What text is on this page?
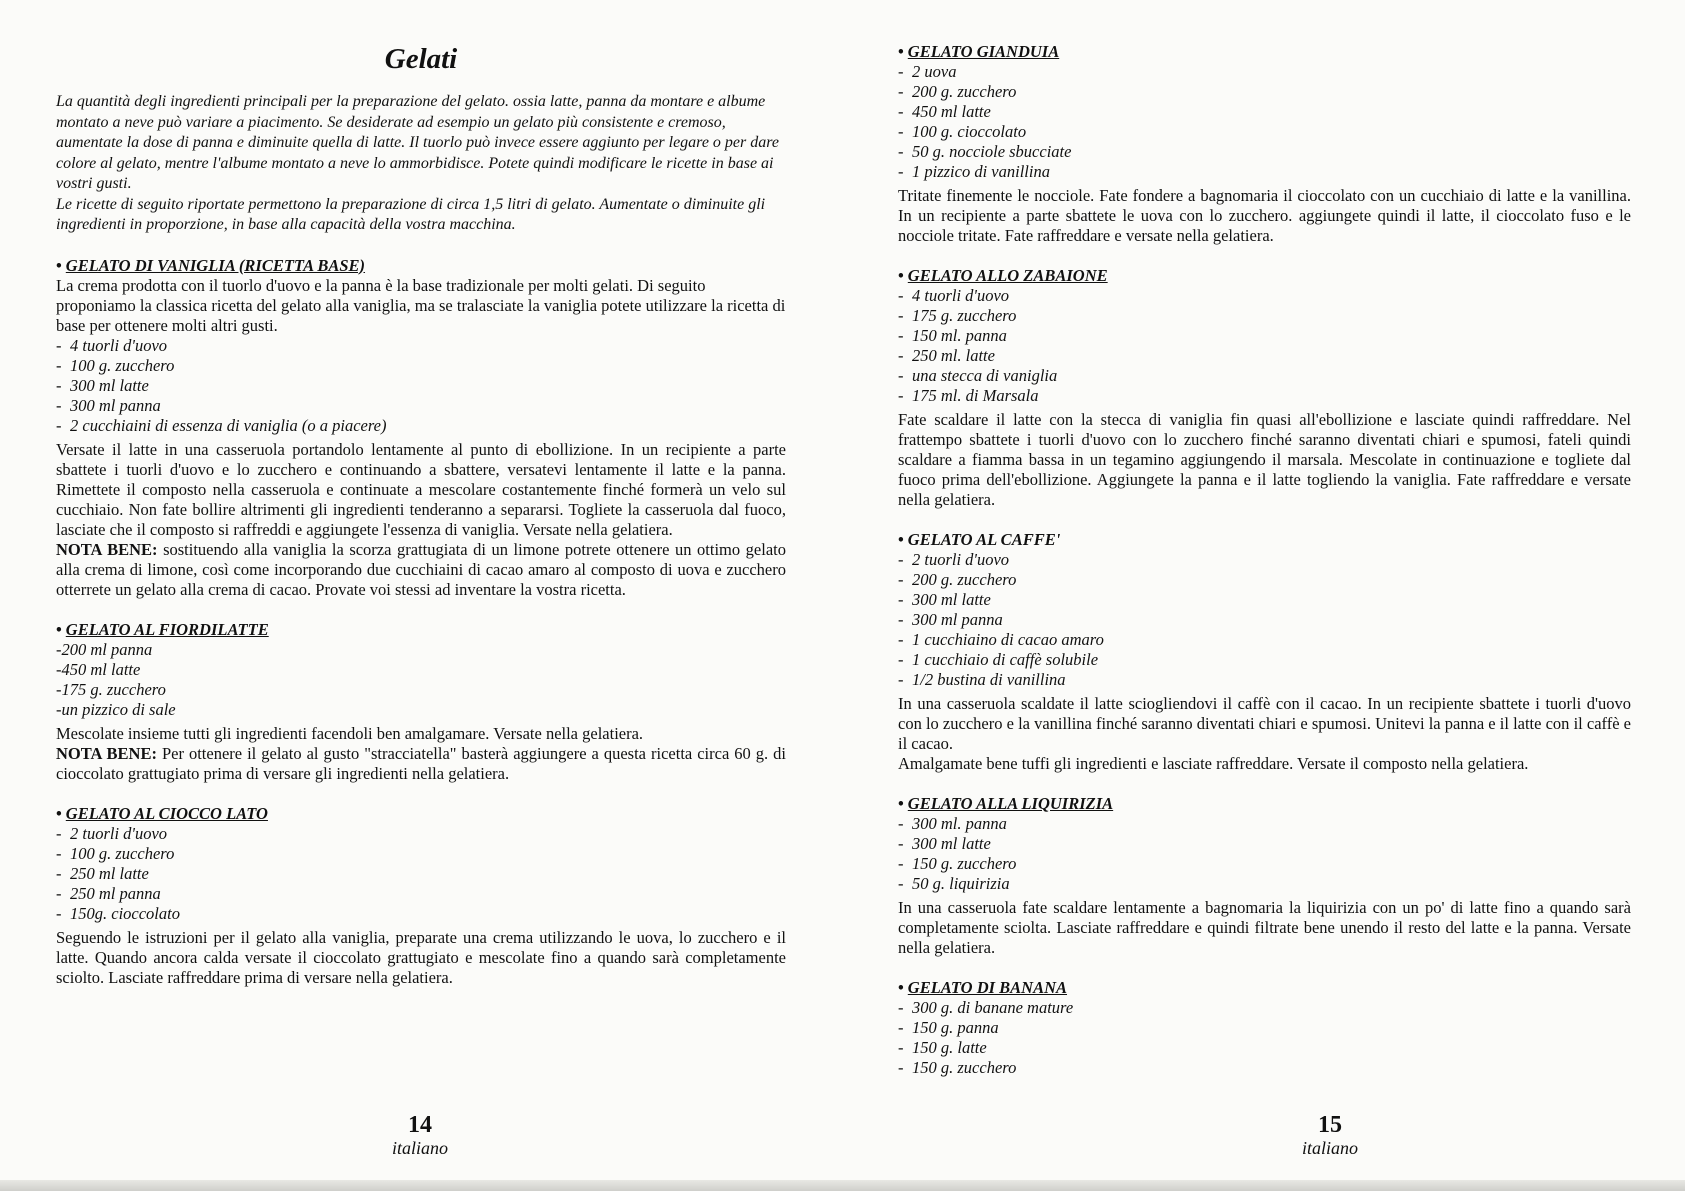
Gelati

La quantità degli ingredienti principali per la preparazione del gelato. ossia latte, panna da montare e albume montato a neve può variare a piacimento. Se desiderate ad esempio un gelato più consistente e cremoso, aumentate la dose di panna e diminuite quella di latte. Il tuorlo può invece essere aggiunto per legare o per dare colore al gelato, mentre l'albume montato a neve lo ammorbidisce. Potete quindi modificare le ricette in base ai vostri gusti.

Le ricette di seguito riportate permettono la preparazione di circa 1,5 litri di gelato. Aumentate o diminuite gli ingredienti in proporzione, in base alla capacità della vostra macchina.

• GELATO DI VANIGLIA (RICETTA BASE)

La crema prodotta con il tuorlo d'uovo e la panna è la base tradizionale per molti gelati. Di seguito proponiamo la classica ricetta del gelato alla vaniglia, ma se tralasciate la vaniglia potete utilizzare la ricetta di base per ottenere molti altri gusti.

- 4 tuorli d'uovo
- 100 g. zucchero
- 300 ml latte
- 300 ml panna
- 2 cucchiaini di essenza di vaniglia (o a piacere)

Versate il latte in una casseruola portandolo lentamente al punto di ebollizione. In un recipiente a parte sbattete i tuorli d'uovo e lo zucchero e continuando a sbattere, versatevi lentamente il latte e la panna. Rimettete il composto nella casseruola e continuate a mescolare costantemente finché formerà un velo sul cucchiaio. Non fate bollire altrimenti gli ingredienti tenderanno a separarsi. Togliete la casseruola dal fuoco, lasciate che il composto si raffreddi e aggiungete l'essenza di vaniglia. Versate nella gelatiera.

NOTA BENE: sostituendo alla vaniglia la scorza grattugiata di un limone potrete ottenere un ottimo gelato alla crema di limone, così come incorporando due cucchiaini di cacao amaro al composto di uova e zucchero otterrete un gelato alla crema di cacao. Provate voi stessi ad inventare la vostra ricetta.

• GELATO AL FIORDILATTE

-200 ml panna
-450 ml latte
-175 g. zucchero
-un pizzico di sale

Mescolate insieme tutti gli ingredienti facendoli ben amalgamare. Versate nella gelatiera.

NOTA BENE: Per ottenere il gelato al gusto "stracciatella" basterà aggiungere a questa ricetta circa 60 g. di cioccolato grattugiato prima di versare gli ingredienti nella gelatiera.

• GELATO AL CIOCCO LATO

- 2 tuorli d'uovo
- 100 g. zucchero
- 250 ml latte
- 250 ml panna
- 150g. cioccolato

Seguendo le istruzioni per il gelato alla vaniglia, preparate una crema utilizzando le uova, lo zucchero e il latte. Quando ancora calda versate il cioccolato grattugiato e mescolate fino a quando sarà completamente sciolto. Lasciate raffreddare prima di versare nella gelatiera.

14
italiano

• GELATO GIANDUIA

- 2 uova
- 200 g. zucchero
- 450 ml latte
- 100 g. cioccolato
- 50 g. nocciole sbucciate
- 1 pizzico di vanillina

Tritate finemente le nocciole. Fate fondere a bagnomaria il cioccolato con un cucchiaio di latte e la vanillina. In un recipiente a parte sbattete le uova con lo zucchero. aggiungete quindi il latte, il cioccolato fuso e le nocciole tritate. Fate raffreddare e versate nella gelatiera.

• GELATO ALLO ZABAIONE

- 4 tuorli d'uovo
- 175 g. zucchero
- 150 ml. panna
- 250 ml. latte
- una stecca di vaniglia
- 175 ml. di Marsala

Fate scaldare il latte con la stecca di vaniglia fin quasi all'ebollizione e lasciate quindi raffreddare. Nel frattempo sbattete i tuorli d'uovo con lo zucchero finché saranno diventati chiari e spumosi, fateli quindi scaldare a fiamma bassa in un tegamino aggiungendo il marsala. Mescolate in continuazione e togliete dal fuoco prima dell'ebollizione. Aggiungete la panna e il latte togliendo la vaniglia. Fate raffreddare e versate nella gelatiera.

• GELATO AL CAFFE'

- 2 tuorli d'uovo
- 200 g. zucchero
- 300 ml latte
- 300 ml panna
- 1 cucchiaino di cacao amaro
- 1 cucchiaio di caffè solubile
- 1/2 bustina di vanillina

In una casseruola scaldate il latte sciogliendovi il caffè con il cacao. In un recipiente sbattete i tuorli d'uovo con lo zucchero e la vanillina finché saranno diventati chiari e spumosi. Unitevi la panna e il latte con il caffè e il cacao.

Amalgamate bene tuffi gli ingredienti e lasciate raffreddare. Versate il composto nella gelatiera.

• GELATO ALLA LIQUIRIZIA

- 300 ml. panna
- 300 ml latte
- 150 g. zucchero
- 50 g. liquirizia

In una casseruola fate scaldare lentamente a bagnomaria la liquirizia con un po' di latte fino a quando sarà completamente sciolta. Lasciate raffreddare e quindi filtrate bene unendo il resto del latte e la panna. Versate nella gelatiera.

• GELATO DI BANANA

- 300 g. di banane mature
- 150 g. panna
- 150 g. latte
- 150 g. zucchero
15
italiano
